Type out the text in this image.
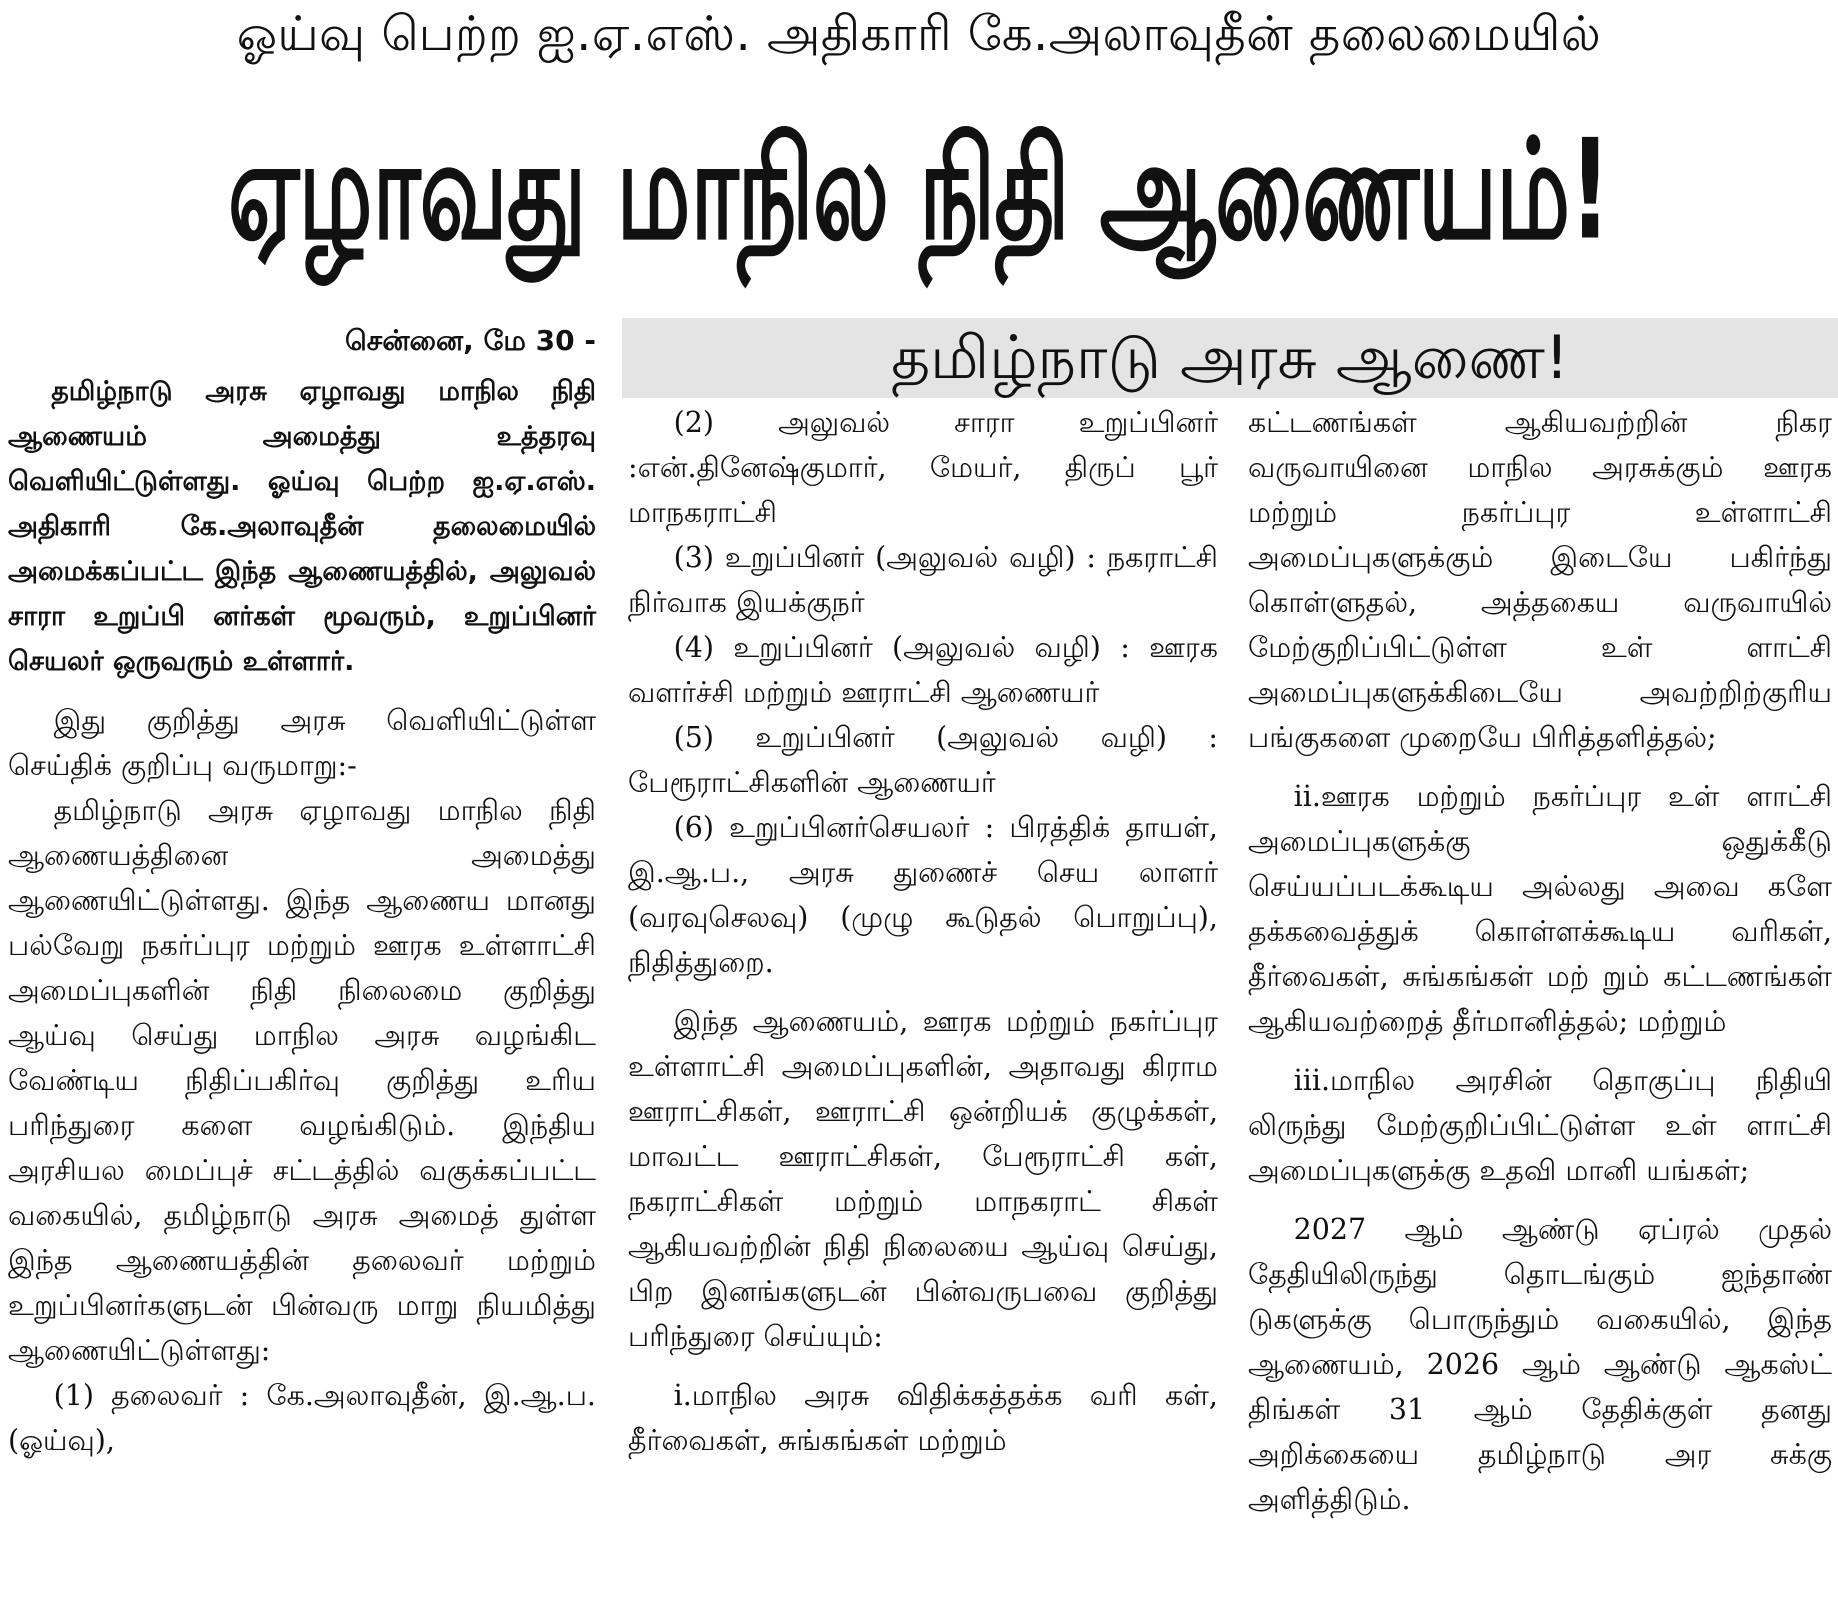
ஓய்வு பெற்ற ஐ.ஏ.எஸ். அதிகாரி கே.அலாவுதீன் தலைமையில்
ஏழாவது மாநில நிதி ஆணையம்!
தமிழ்நாடு அரசு ஆணை!
சென்னை, மே 30 -

தமிழ்நாடு அரசு ஏழாவது மாநில நிதி ஆணையம் அமைத்து உத்தரவு வெளியிட்டுள்ளது. ஓய்வு பெற்ற ஐ.ஏ.எஸ். அதிகாரி கே.அலாவுதீன் தலைமையில் அமைக்கப்பட்ட இந்த ஆணையத்தில், அலுவல் சாரா உறுப்பி னர்கள் மூவரும், உறுப்பினர் செயலர் ஒருவரும் உள்ளார்.

இது குறித்து அரசு வெளியிட்டுள்ள செய்திக் குறிப்பு வருமாறு:-

தமிழ்நாடு அரசு ஏழாவது மாநில நிதி ஆணையத்தினை அமைத்து ஆணையிட்டுள்ளது. இந்த ஆணைய மானது பல்வேறு நகர்ப்புர மற்றும் ஊரக உள்ளாட்சி அமைப்புகளின் நிதி நிலைமை குறித்து ஆய்வு செய்து மாநில அரசு வழங்கிட வேண்டிய நிதிப்பகிர்வு குறித்து உரிய பரிந்துரை களை வழங்கிடும். இந்திய அரசியல மைப்புச் சட்டத்தில் வகுக்கப்பட்ட வகையில், தமிழ்நாடு அரசு அமைத் துள்ள இந்த ஆணையத்தின் தலைவர் மற்றும் உறுப்பினர்களுடன் பின்வரு மாறு நியமித்து ஆணையிட்டுள்ளது:

(1) தலைவர் : கே.அலாவுதீன், இ.ஆ.ப. (ஓய்வு),

(2) அலுவல் சாரா உறுப்பினர் :என்.தினேஷ்குமார், மேயர், திருப் பூர் மாநகராட்சி

(3) உறுப்பினர் (அலுவல் வழி) : நகராட்சி நிர்வாக இயக்குநர்

(4) உறுப்பினர் (அலுவல் வழி) : ஊரக வளர்ச்சி மற்றும் ஊராட்சி ஆணையர்

(5) உறுப்பினர் (அலுவல் வழி) : பேரூராட்சிகளின் ஆணையர்

(6) உறுப்பினர்செயலர் : பிரத்திக் தாயள், இ.ஆ.ப., அரசு துணைச் செய லாளர் (வரவுசெலவு) (முழு கூடுதல் பொறுப்பு), நிதித்துறை.

இந்த ஆணையம், ஊரக மற்றும் நகர்ப்புர உள்ளாட்சி அமைப்புகளின், அதாவது கிராம ஊராட்சிகள், ஊராட்சி ஒன்றியக் குழுக்கள், மாவட்ட ஊராட்சிகள், பேரூராட்சி கள், நகராட்சிகள் மற்றும் மாநகராட் சிகள் ஆகியவற்றின் நிதி நிலையை ஆய்வு செய்து, பிற இனங்களுடன் பின்வருபவை குறித்து பரிந்துரை செய்யும்:

i.மாநில அரசு விதிக்கத்தக்க வரி கள், தீர்வைகள், சுங்கங்கள் மற்றும்

கட்டணங்கள் ஆகியவற்றின் நிகர வருவாயினை மாநில அரசுக்கும் ஊரக மற்றும் நகர்ப்புர உள்ளாட்சி அமைப்புகளுக்கும் இடையே பகிர்ந்து கொள்ளுதல், அத்தகைய வருவாயில் மேற்குறிப்பிட்டுள்ள உள் ளாட்சி அமைப்புகளுக்கிடையே அவற்றிற்குரிய பங்குகளை முறையே பிரித்தளித்தல்;

ii.ஊரக மற்றும் நகர்ப்புர உள் ளாட்சி அமைப்புகளுக்கு ஒதுக்கீடு செய்யப்படக்கூடிய அல்லது அவை களே தக்கவைத்துக் கொள்ளக்கூடிய வரிகள், தீர்வைகள், சுங்கங்கள் மற் றும் கட்டணங்கள் ஆகியவற்றைத் தீர்மானித்தல்; மற்றும்

iii.மாநில அரசின் தொகுப்பு நிதியி லிருந்து மேற்குறிப்பிட்டுள்ள உள் ளாட்சி அமைப்புகளுக்கு உதவி மானி யங்கள்;

2027 ஆம் ஆண்டு ஏப்ரல் முதல் தேதியிலிருந்து தொடங்கும் ஐந்தாண் டுகளுக்கு பொருந்தும் வகையில், இந்த ஆணையம், 2026 ஆம் ஆண்டு ஆகஸ்ட் திங்கள் 31 ஆம் தேதிக்குள் தனது அறிக்கையை தமிழ்நாடு அர சுக்கு அளித்திடும்.
